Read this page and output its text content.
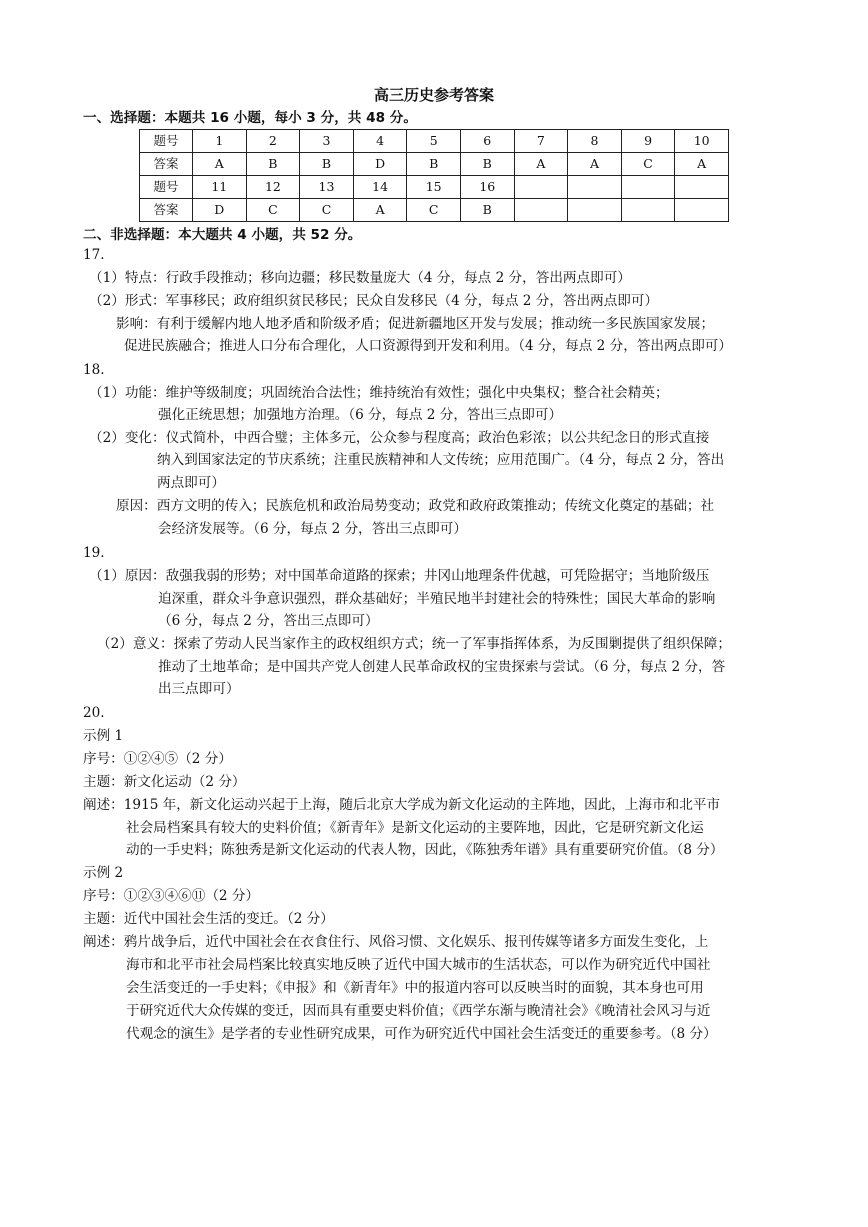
高三历史参考答案
一、选择题：本题共 16 小题，每小 3 分，共 48 分。
题号	1	2	3	4	5	6	7	8	9	10
答案	A	B	B	D	B	B	A	A	C	A
题号	11	12	13	14	15	16				
答案	D	C	C	A	C	B				
二、非选择题：本大题共 4 小题，共 52 分。
17.
（1）特点：行政手段推动；移向边疆；移民数量庞大（4 分，每点 2 分，答出两点即可）
（2）形式：军事移民；政府组织贫民移民；民众自发移民（4 分，每点 2 分，答出两点即可）
影响：有利于缓解内地人地矛盾和阶级矛盾；促进新疆地区开发与发展；推动统一多民族国家发展；
促进民族融合；推进人口分布合理化，人口资源得到开发和利用。（4 分，每点 2 分，答出两点即可）
18.
（1）功能：维护等级制度；巩固统治合法性；维持统治有效性；强化中央集权；整合社会精英；
强化正统思想；加强地方治理。（6 分，每点 2 分，答出三点即可）
（2）变化：仪式简朴，中西合璧；主体多元，公众参与程度高；政治色彩浓；以公共纪念日的形式直接
纳入到国家法定的节庆系统；注重民族精神和人文传统；应用范围广。（4 分，每点 2 分，答出
两点即可）
原因：西方文明的传入；民族危机和政治局势变动；政党和政府政策推动；传统文化奠定的基础；社
会经济发展等。（6 分，每点 2 分，答出三点即可）
19.
（1）原因：敌强我弱的形势；对中国革命道路的探索；井冈山地理条件优越，可凭险据守；当地阶级压
迫深重，群众斗争意识强烈，群众基础好；半殖民地半封建社会的特殊性；国民大革命的影响
（6 分，每点 2 分，答出三点即可）
（2）意义：探索了劳动人民当家作主的政权组织方式；统一了军事指挥体系，为反围剿提供了组织保障；
推动了土地革命；是中国共产党人创建人民革命政权的宝贵探索与尝试。（6 分，每点 2 分，答
出三点即可）
20.
示例 1
序号：①②④⑤（2 分）
主题：新文化运动（2 分）
阐述：1915 年，新文化运动兴起于上海，随后北京大学成为新文化运动的主阵地，因此，上海市和北平市
社会局档案具有较大的史料价值；《新青年》是新文化运动的主要阵地，因此，它是研究新文化运
动的一手史料；陈独秀是新文化运动的代表人物，因此，《陈独秀年谱》具有重要研究价值。（8 分）
示例 2
序号：①②③④⑥⑪（2 分）
主题：近代中国社会生活的变迁。（2 分）
阐述：鸦片战争后，近代中国社会在衣食住行、风俗习惯、文化娱乐、报刊传媒等诸多方面发生变化，上
海市和北平市社会局档案比较真实地反映了近代中国大城市的生活状态，可以作为研究近代中国社
会生活变迁的一手史料；《申报》和《新青年》中的报道内容可以反映当时的面貌，其本身也可用
于研究近代大众传媒的变迁，因而具有重要史料价值；《西学东渐与晚清社会》《晚清社会风习与近
代观念的演生》是学者的专业性研究成果，可作为研究近代中国社会生活变迁的重要参考。（8 分）
